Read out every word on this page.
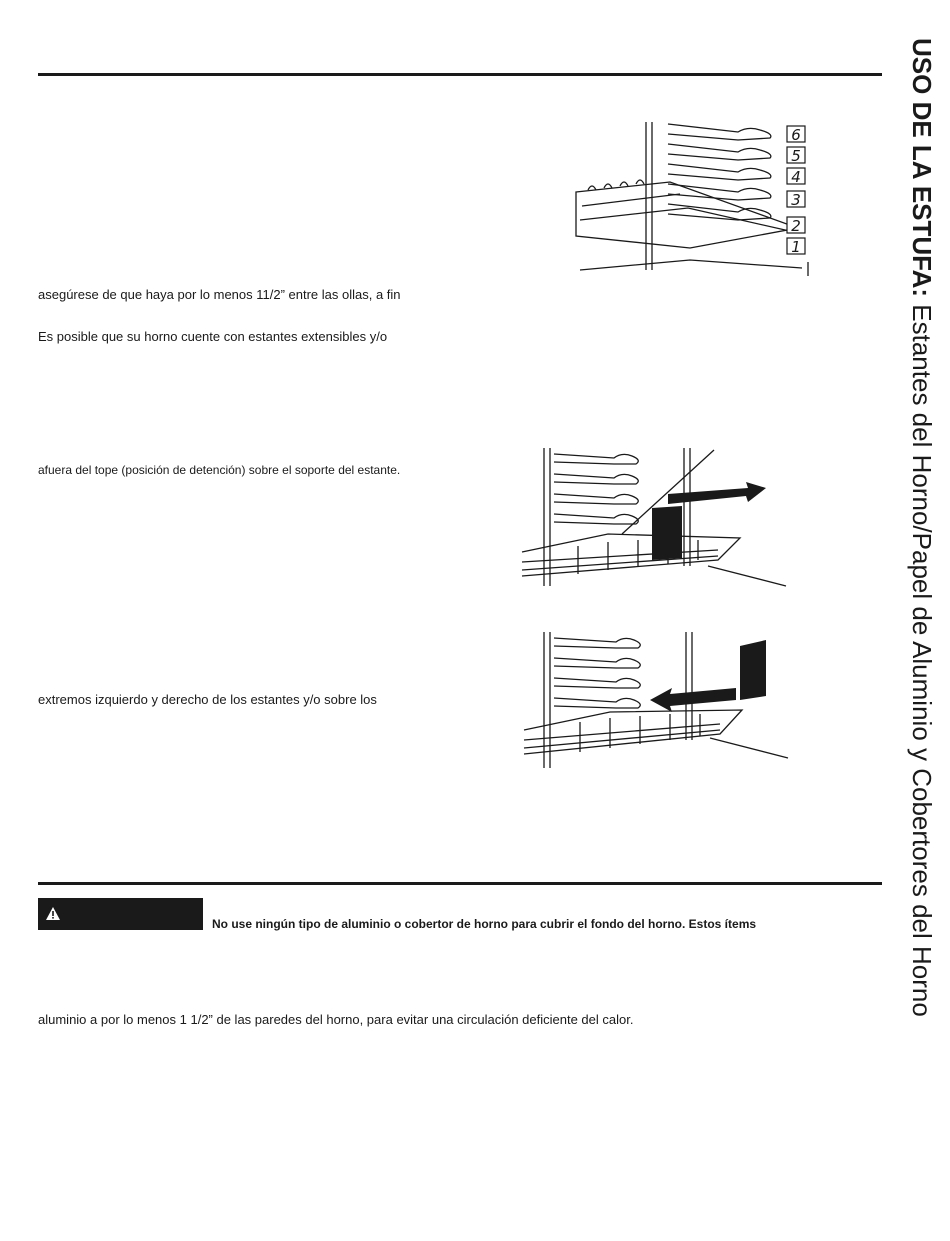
6
5
4
3
2
1
asegúrese de que haya por lo menos 11/2” entre las ollas, a fin
Es posible que su horno cuente con estantes extensibles y/o
afuera del tope (posición de detención) sobre el soporte del estante.
extremos izquierdo y derecho de los estantes y/o sobre los
No use ningún tipo de aluminio o cobertor de horno para cubrir el fondo del horno. Estos ítems
aluminio a por lo menos 1 1/2” de las paredes del horno, para evitar una circulación deficiente del calor.
USO DE LA ESTUFA: Estantes del Horno/Papel de Aluminio y Cobertores del Horno
